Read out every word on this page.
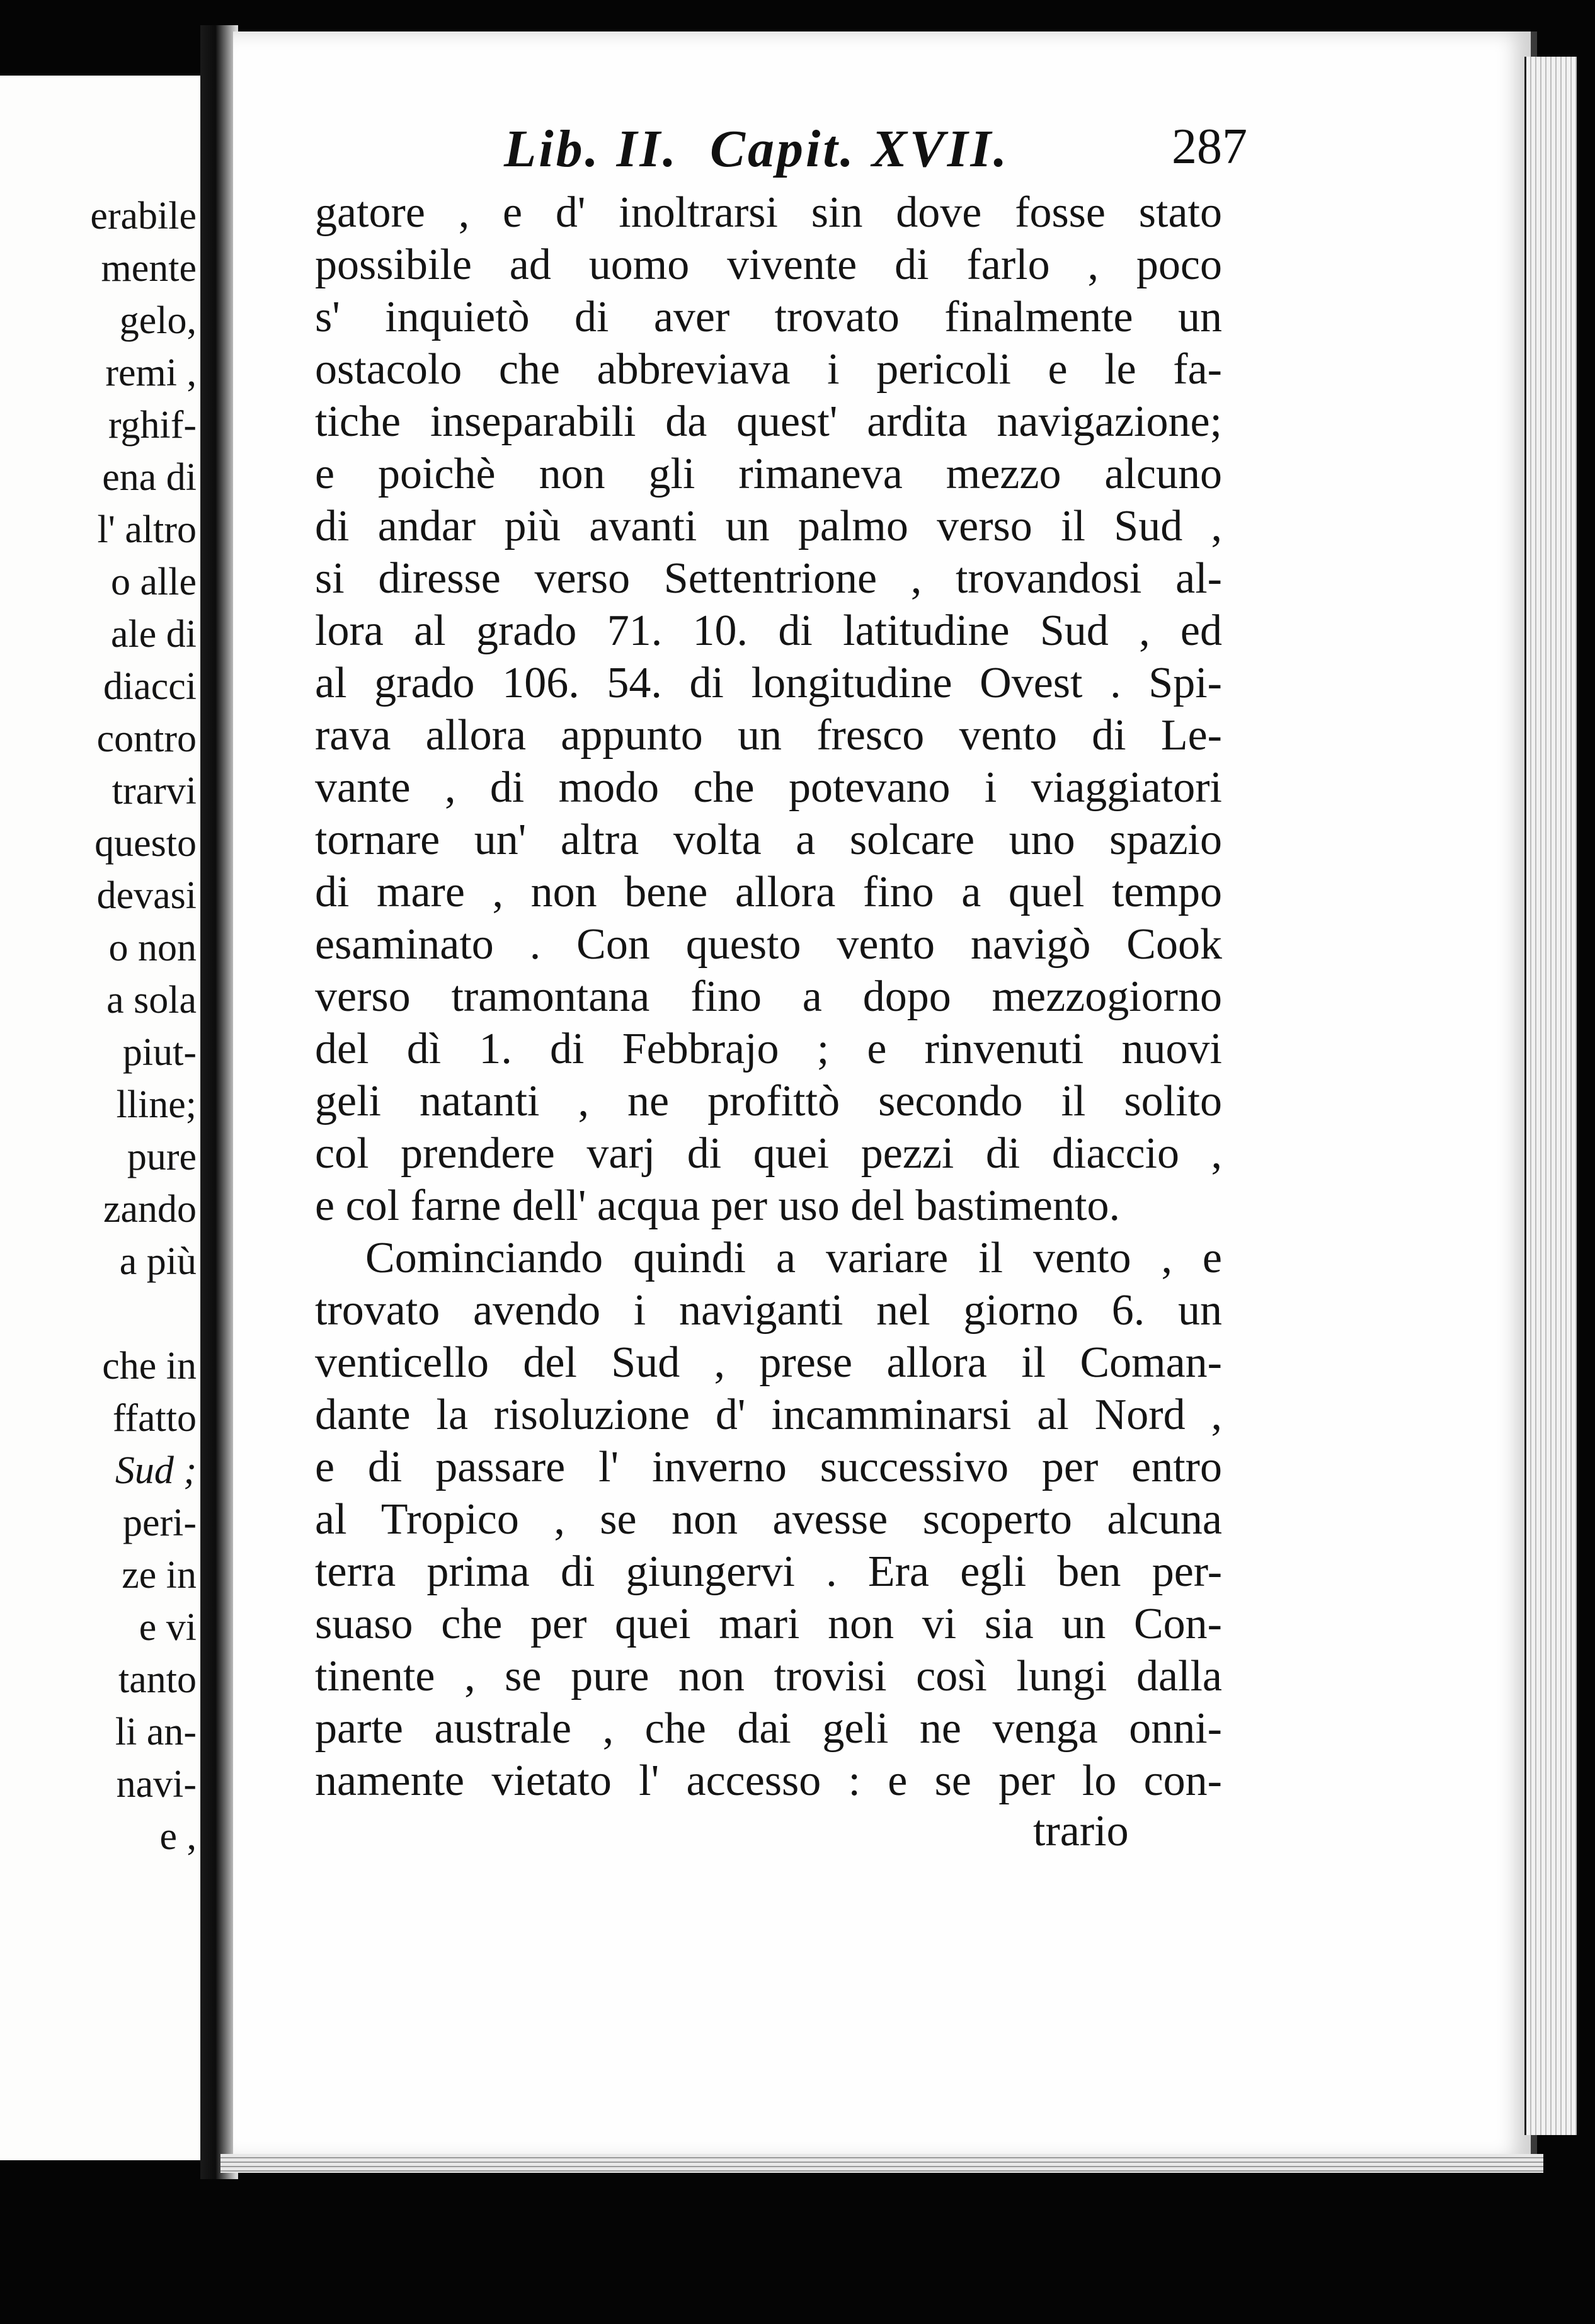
erabile
mente
gelo,
remi ,
rghif-
ena di
l' altro
o alle
ale di
diacci
contro
trarvi
questo
devasi
o non
a sola
piut-
lline;
pure
zando
a più
che in
ffatto
Sud ;
peri-
ze in
e vi
tanto
li an-
navi-
e ,
Lib. II.  Capit. XVII.	287
gatore , e d' inoltrarsi sin dove fosse stato
possibile ad uomo vivente di farlo , poco
s' inquietò di aver trovato finalmente un
ostacolo che abbreviava i pericoli e le fa-
tiche inseparabili da quest' ardita navigazione;
e poichè non gli rimaneva mezzo alcuno
di andar più avanti un palmo verso il Sud ,
si diresse verso Settentrione , trovandosi al-
lora al grado 71. 10. di latitudine Sud , ed
al grado 106. 54. di longitudine Ovest . Spi-
rava allora appunto un fresco vento di Le-
vante , di modo che potevano i viaggiatori
tornare un' altra volta a solcare uno spazio
di mare , non bene allora fino a quel tempo
esaminato . Con questo vento navigò Cook
verso tramontana fino a dopo mezzogiorno
del dì 1. di Febbrajo ; e rinvenuti nuovi
geli natanti , ne profittò secondo il solito
col prendere varj di quei pezzi di diaccio ,
e col farne dell' acqua per uso del bastimento.
Cominciando quindi a variare il vento , e
trovato avendo i naviganti nel giorno 6. un
venticello del Sud , prese allora il Coman-
dante la risoluzione d' incamminarsi al Nord ,
e di passare l' inverno successivo per entro
al Tropico , se non avesse scoperto alcuna
terra prima di giungervi . Era egli ben per-
suaso che per quei mari non vi sia un Con-
tinente , se pure non trovisi così lungi dalla
parte australe , che dai geli ne venga onni-
namente vietato l' accesso : e se per lo con-
trario
